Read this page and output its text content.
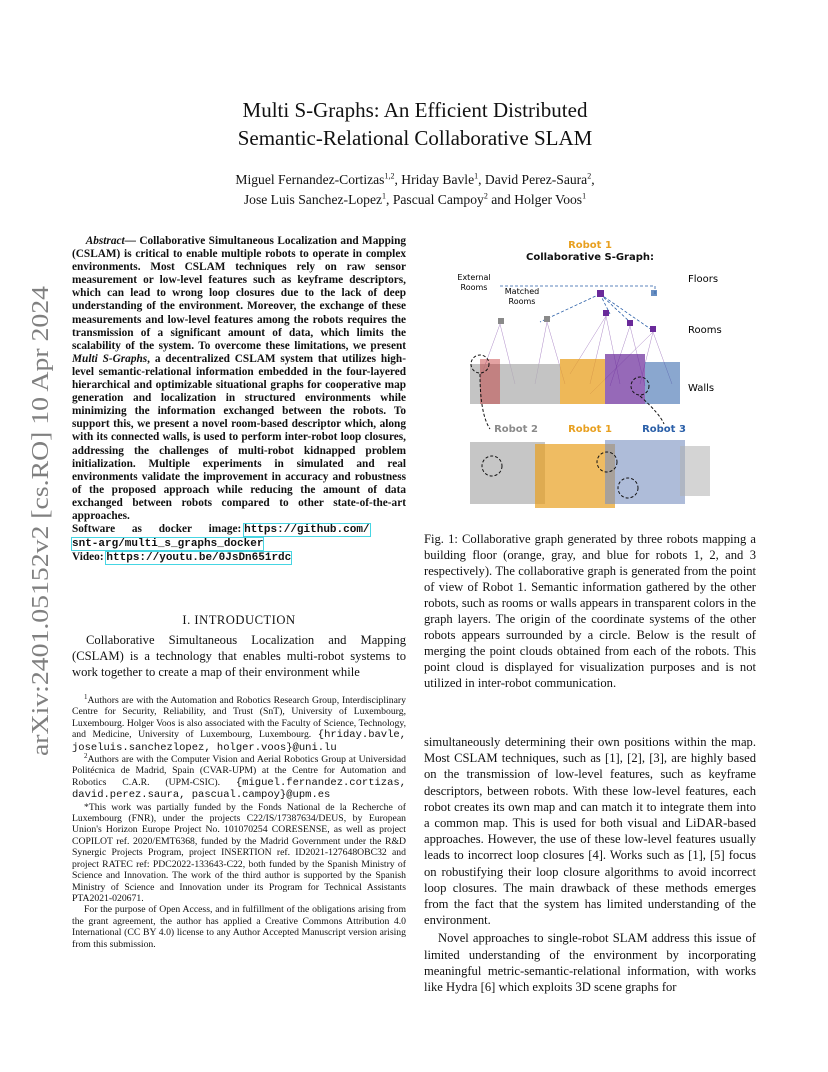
arXiv:2401.05152v2 [cs.RO] 10 Apr 2024
Multi S-Graphs: An Efficient Distributed
Semantic-Relational Collaborative SLAM
Miguel Fernandez-Cortizas$^{1,2}$, Hriday Bavle$^1$, David Perez-Saura$^2$,
Jose Luis Sanchez-Lopez$^1$, Pascual Campoy$^2$ and Holger Voos$^1$
Abstract— Collaborative Simultaneous Localization and Mapping (CSLAM) is critical to enable multiple robots to operate in complex environments. Most CSLAM techniques rely on raw sensor measurement or low-level features such as keyframe descriptors, which can lead to wrong loop closures due to the lack of deep understanding of the environment. Moreover, the exchange of these measurements and low-level features among the robots requires the transmission of a significant amount of data, which limits the scalability of the system. To overcome these limitations, we present Multi S-Graphs, a decentralized CSLAM system that utilizes high-level semantic-relational information embedded in the four-layered hierarchical and optimizable situational graphs for cooperative map generation and localization in structured environments while minimizing the information exchanged between the robots. To support this, we present a novel room-based descriptor which, along with its connected walls, is used to perform inter-robot loop closures, addressing the challenges of multi-robot kidnapped problem initialization. Multiple experiments in simulated and real environments validate the improvement in accuracy and robustness of the proposed approach while reducing the amount of data exchanged between robots compared to other state-of-the-art approaches.
Software as docker image: https://github.com/
snt-arg/multi_s_graphs_docker
Video: https://youtu.be/0JsDn651rdc
I. INTRODUCTION
Collaborative Simultaneous Localization and Mapping (CSLAM) is a technology that enables multi-robot systems to work together to create a map of their environment while

$^1$Authors are with the Automation and Robotics Research Group, Interdisciplinary Centre for Security, Reliability, and Trust (SnT), University of Luxembourg, Luxembourg. Holger Voos is also associated with the Faculty of Science, Technology, and Medicine, University of Luxembourg, Luxembourg. {hriday.bavle, joseluis.sanchezlopez, holger.voos}@uni.lu

$^2$Authors are with the Computer Vision and Aerial Robotics Group at Universidad Politécnica de Madrid, Spain (CVAR-UPM) at the Centre for Automation and Robotics C.A.R. (UPM-CSIC). {miguel.fernandez.cortizas, david.perez.saura, pascual.campoy}@upm.es

*This work was partially funded by the Fonds National de la Recherche of Luxembourg (FNR), under the projects C22/IS/17387634/DEUS, by European Union's Horizon Europe Project No. 101070254 CORESENSE, as well as project COPILOT ref. 2020/EMT6368, funded by the Madrid Government under the R&D Synergic Projects Program, project INSERTION ref. ID2021-127648OBC32 and project RATEC ref: PDC2022-133643-C22, both funded by the Spanish Ministry of Science and Innovation. The work of the third author is supported by the Spanish Ministry of Science and Innovation under its Program for Technical Assistants PTA2021-020671.

For the purpose of Open Access, and in fulfillment of the obligations arising from the grant agreement, the author has applied a Creative Commons Attribution 4.0 International (CC BY 4.0) license to any Author Accepted Manuscript version arising from this submission.

Robot 1
Collaborative S-Graph:
External
Rooms Matched
Rooms
Floors
Rooms
Walls
Robot 2	Robot 1	Robot 3
Fig. 1: Collaborative graph generated by three robots mapping a building floor (orange, gray, and blue for robots 1, 2, and 3 respectively). The collaborative graph is generated from the point of view of Robot 1. Semantic information gathered by the other robots, such as rooms or walls appears in transparent colors in the graph layers. The origin of the coordinate systems of the other robots appears surrounded by a circle. Below is the result of merging the point clouds obtained from each of the robots. This point cloud is displayed for visualization purposes and is not utilized in inter-robot communication.

simultaneously determining their own positions within the map. Most CSLAM techniques, such as [1], [2], [3], are highly based on the transmission of low-level features, such as keyframe descriptors, between robots. With these low-level features, each robot creates its own map and can match it to integrate them into a common map. This is used for both visual and LiDAR-based approaches. However, the use of these low-level features usually leads to incorrect loop closures [4]. Works such as [1], [5] focus on robustifying their loop closure algorithms to avoid incorrect loop closures. The main drawback of these methods emerges from the fact that the system has limited understanding of the environment.

Novel approaches to single-robot SLAM address this issue of limited understanding of the environment by incorporating meaningful metric-semantic-relational information, with works like Hydra [6] which exploits 3D scene graphs for
